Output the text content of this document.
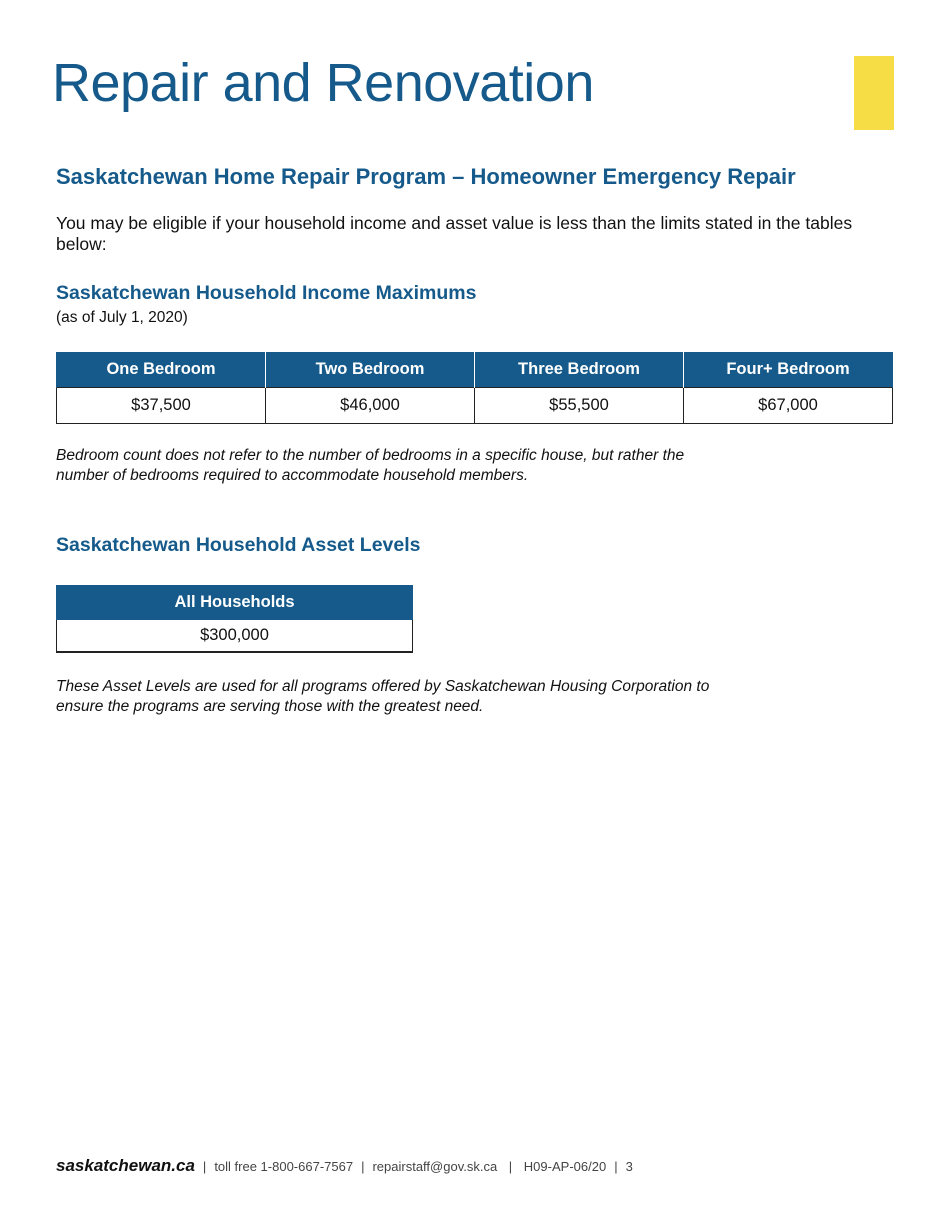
Repair and Renovation
Saskatchewan Home Repair Program – Homeowner Emergency Repair

You may be eligible if your household income and asset value is less than the limits stated in the tables below:

Saskatchewan Household Income Maximums

(as of July 1, 2020)

One Bedroom	Two Bedroom	Three Bedroom	Four+ Bedroom
$37,500	$46,000	$55,500	$67,000

Bedroom count does not refer to the number of bedrooms in a specific house, but rather the number of bedrooms required to accommodate household members.

Saskatchewan Household Asset Levels
All Households
$300,000

These Asset Levels are used for all programs offered by Saskatchewan Housing Corporation to ensure the programs are serving those with the greatest need.

saskatchewan.ca | toll free 1-800-667-7567 | repairstaff@gov.sk.ca | H09-AP-06/20 | 3
